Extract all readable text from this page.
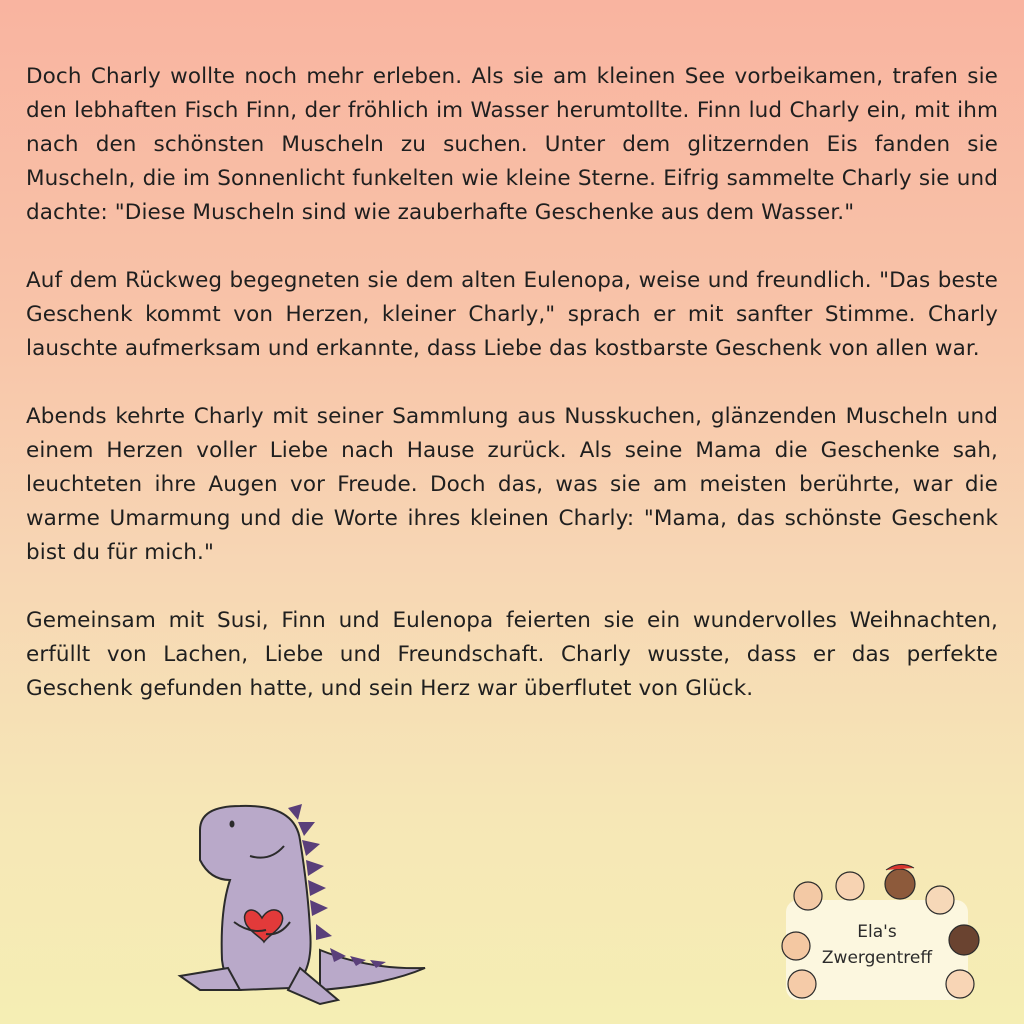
Doch Charly wollte noch mehr erleben. Als sie am kleinen See vorbeikamen, trafen sie den lebhaften Fisch Finn, der fröhlich im Wasser herumtollte. Finn lud Charly ein, mit ihm nach den schönsten Muscheln zu suchen. Unter dem glitzernden Eis fanden sie Muscheln, die im Sonnenlicht funkelten wie kleine Sterne. Eifrig sammelte Charly sie und dachte: "Diese Muscheln sind wie zauberhafte Geschenke aus dem Wasser."

Auf dem Rückweg begegneten sie dem alten Eulenopa, weise und freundlich. "Das beste Geschenk kommt von Herzen, kleiner Charly," sprach er mit sanfter Stimme. Charly lauschte aufmerksam und erkannte, dass Liebe das kostbarste Geschenk von allen war.

Abends kehrte Charly mit seiner Sammlung aus Nusskuchen, glänzenden Muscheln und einem Herzen voller Liebe nach Hause zurück. Als seine Mama die Geschenke sah, leuchteten ihre Augen vor Freude. Doch das, was sie am meisten berührte, war die warme Umarmung und die Worte ihres kleinen Charly: "Mama, das schönste Geschenk bist du für mich."

Gemeinsam mit Susi, Finn und Eulenopa feierten sie ein wundervolles Weihnachten, erfüllt von Lachen, Liebe und Freundschaft. Charly wusste, dass er das perfekte Geschenk gefunden hatte, und sein Herz war überflutet von Glück.

Ela's
Zwergentreff
